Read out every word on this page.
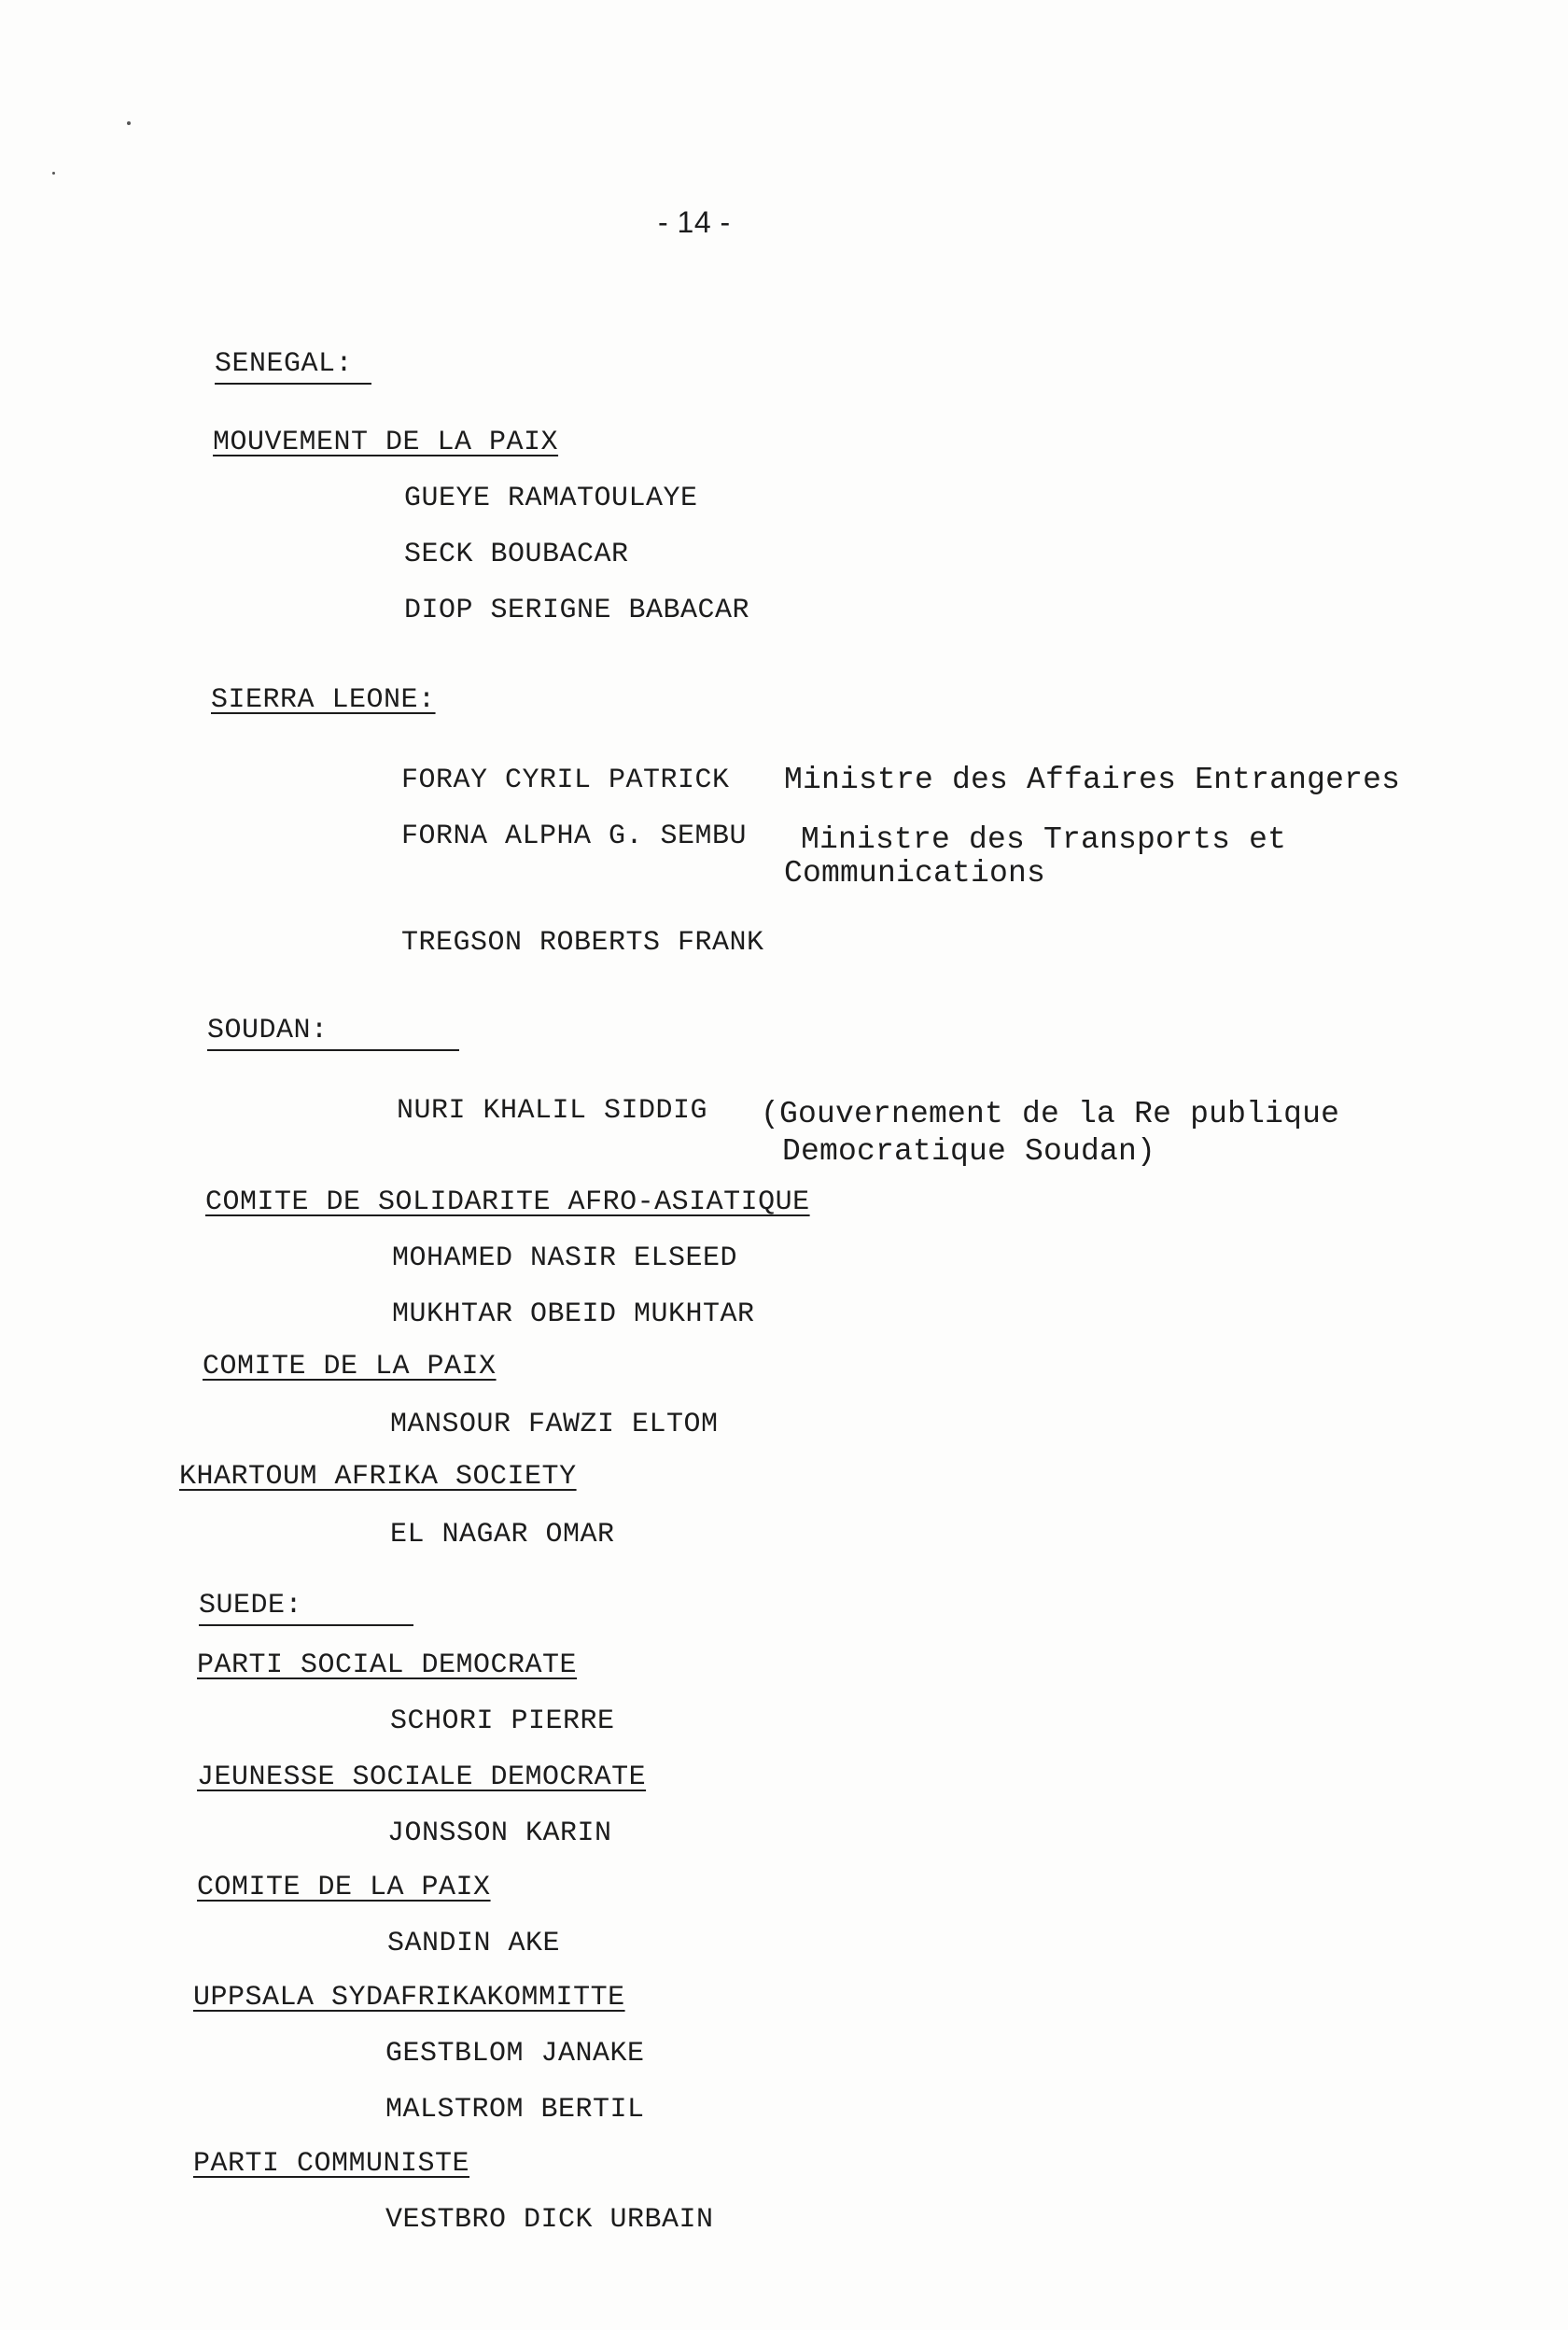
- 14 -
SENEGAL:
MOUVEMENT DE LA PAIX
GUEYE RAMATOULAYE
SECK BOUBACAR
DIOP SERIGNE BABACAR
SIERRA LEONE:
FORAY CYRIL PATRICK Ministre des Affaires Entrangeres
FORNA ALPHA G. SEMBU Ministre des Transports et
Communications
TREGSON ROBERTS FRANK
SOUDAN:
NURI KHALIL SIDDIG (Gouvernement de la Re publique
Democratique Soudan)
COMITE DE SOLIDARITE AFRO-ASIATIQUE
MOHAMED NASIR ELSEED
MUKHTAR OBEID MUKHTAR
COMITE DE LA PAIX
MANSOUR FAWZI ELTOM
KHARTOUM AFRIKA SOCIETY
EL NAGAR OMAR
SUEDE:
PARTI SOCIAL DEMOCRATE
SCHORI PIERRE
JEUNESSE SOCIALE DEMOCRATE
JONSSON KARIN
COMITE DE LA PAIX
SANDIN AKE
UPPSALA SYDAFRIKAKOMMITTE
GESTBLOM JANAKE
MALSTROM BERTIL
PARTI COMMUNISTE
VESTBRO DICK URBAIN
